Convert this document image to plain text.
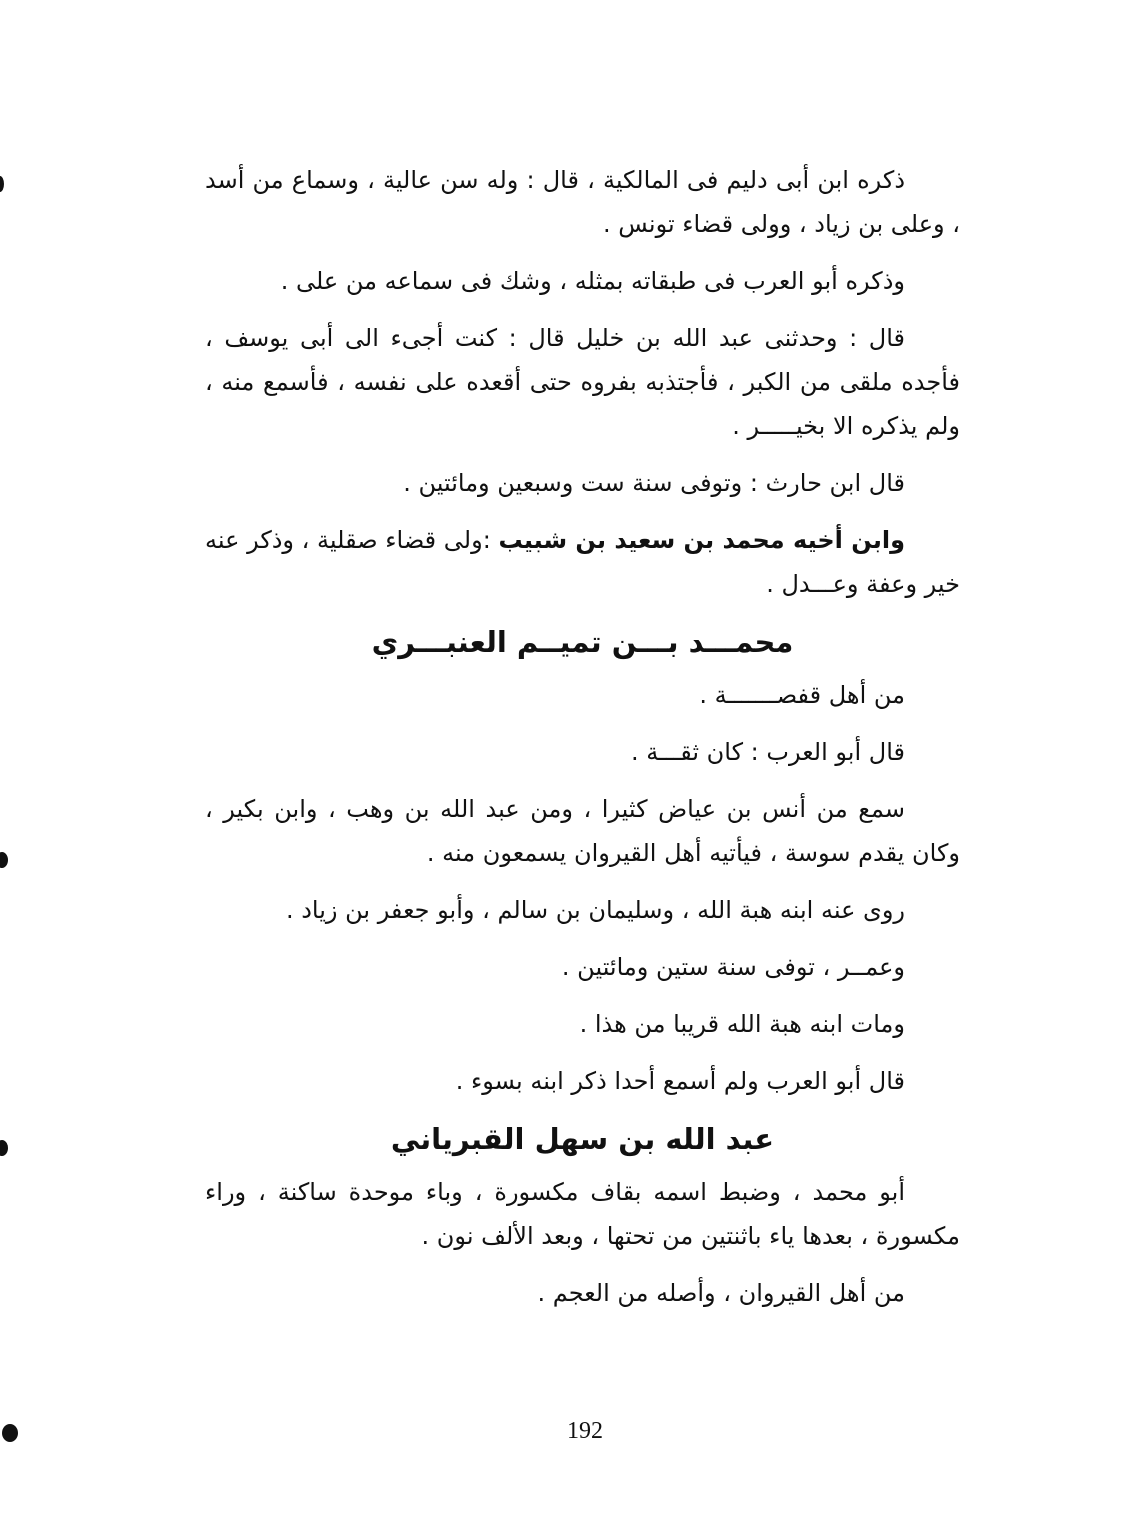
ذكره ابن أبى دليم فى المالكية ، قال : وله سن عالية ، وسماع من أسد ، وعلى بن زياد ، وولى قضاء تونس .

وذكره أبو العرب فى طبقاته بمثله ، وشك فى سماعه من على .

قال : وحدثنى عبد الله بن خليل قال : كنت أجىء الى أبى يوسف ، فأجده ملقى من الكبر ، فأجتذبه بفروه حتى أقعده على نفسه ، فأسمع منه ، ولم يذكره الا بخيـــــر .

قال ابن حارث : وتوفى سنة ست وسبعين ومائتين .

وابن أخيه محمد بن سعيد بن شبيب :ولى قضاء صقلية ، وذكر عنه خير وعفة وعـــدل .

محمـــد بـــن تميــم العنبـــري

من أهل قفصـــــــة .

قال أبو العرب : كان ثقـــة .

سمع من أنس بن عياض كثيرا ، ومن عبد الله بن وهب ، وابن بكير ، وكان يقدم سوسة ، فيأتيه أهل القيروان يسمعون منه .

روى عنه ابنه هبة الله ، وسليمان بن سالم ، وأبو جعفر بن زياد .

وعمــر ، توفى سنة ستين ومائتين .

ومات ابنه هبة الله قريبا من هذا .

قال أبو العرب ولم أسمع أحدا ذكر ابنه بسوء .

عبد الله بن سهل القبرياني

أبو محمد ، وضبط اسمه بقاف مكسورة ، وباء موحدة ساكنة ، وراء مكسورة ، بعدها ياء باثنتين من تحتها ، وبعد الألف نون .

من أهل القيروان ، وأصله من العجم .

192
